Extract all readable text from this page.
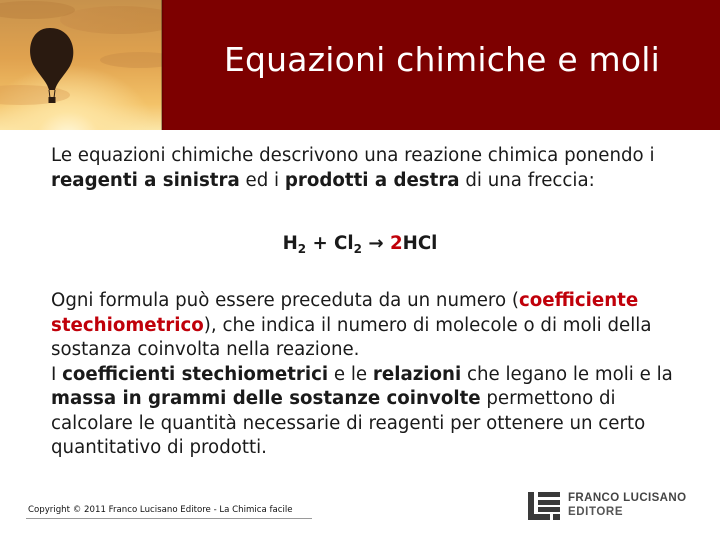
Equazioni chimiche e moli
Le equazioni chimiche descrivono una reazione chimica ponendo i reagenti a sinistra ed i prodotti a destra di una freccia:
$H_2 + Cl_2 \to 2HCl$
Ogni formula può essere preceduta da un numero (coefficiente stechiometrico), che indica il numero di molecole o di moli della sostanza coinvolta nella reazione.
I coefficienti stechiometrici e le relazioni che legano le moli e la massa in grammi delle sostanze coinvolte permettono di calcolare le quantità necessarie di reagenti per ottenere un certo quantitativo di prodotti.
Copyright © 2011 Franco Lucisano Editore - La Chimica facile
FRANCO LUCISANO
EDITORE
